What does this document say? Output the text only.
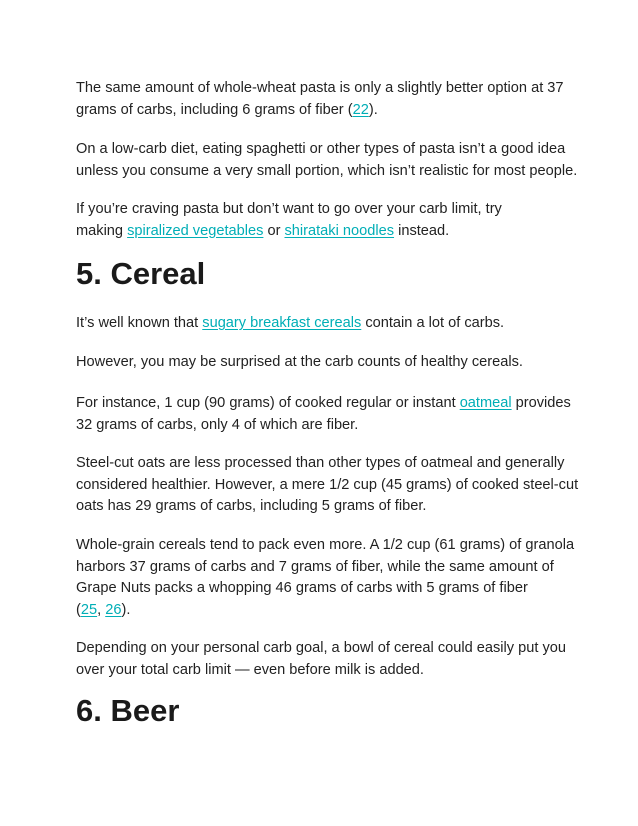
The same amount of whole-wheat pasta is only a slightly better option at 37
grams of carbs, including 6 grams of fiber (22).
On a low-carb diet, eating spaghetti or other types of pasta isn’t a good idea
unless you consume a very small portion, which isn’t realistic for most people.
If you’re craving pasta but don’t want to go over your carb limit, try
making spiralized vegetables or shirataki noodles instead.
5. Cereal
It’s well known that sugary breakfast cereals contain a lot of carbs.
However, you may be surprised at the carb counts of healthy cereals.
For instance, 1 cup (90 grams) of cooked regular or instant oatmeal provides
32 grams of carbs, only 4 of which are fiber.
Steel-cut oats are less processed than other types of oatmeal and generally
considered healthier. However, a mere 1/2 cup (45 grams) of cooked steel-cut
oats has 29 grams of carbs, including 5 grams of fiber.
Whole-grain cereals tend to pack even more. A 1/2 cup (61 grams) of granola
harbors 37 grams of carbs and 7 grams of fiber, while the same amount of
Grape Nuts packs a whopping 46 grams of carbs with 5 grams of fiber
(25, 26).
Depending on your personal carb goal, a bowl of cereal could easily put you
over your total carb limit — even before milk is added.
6. Beer
